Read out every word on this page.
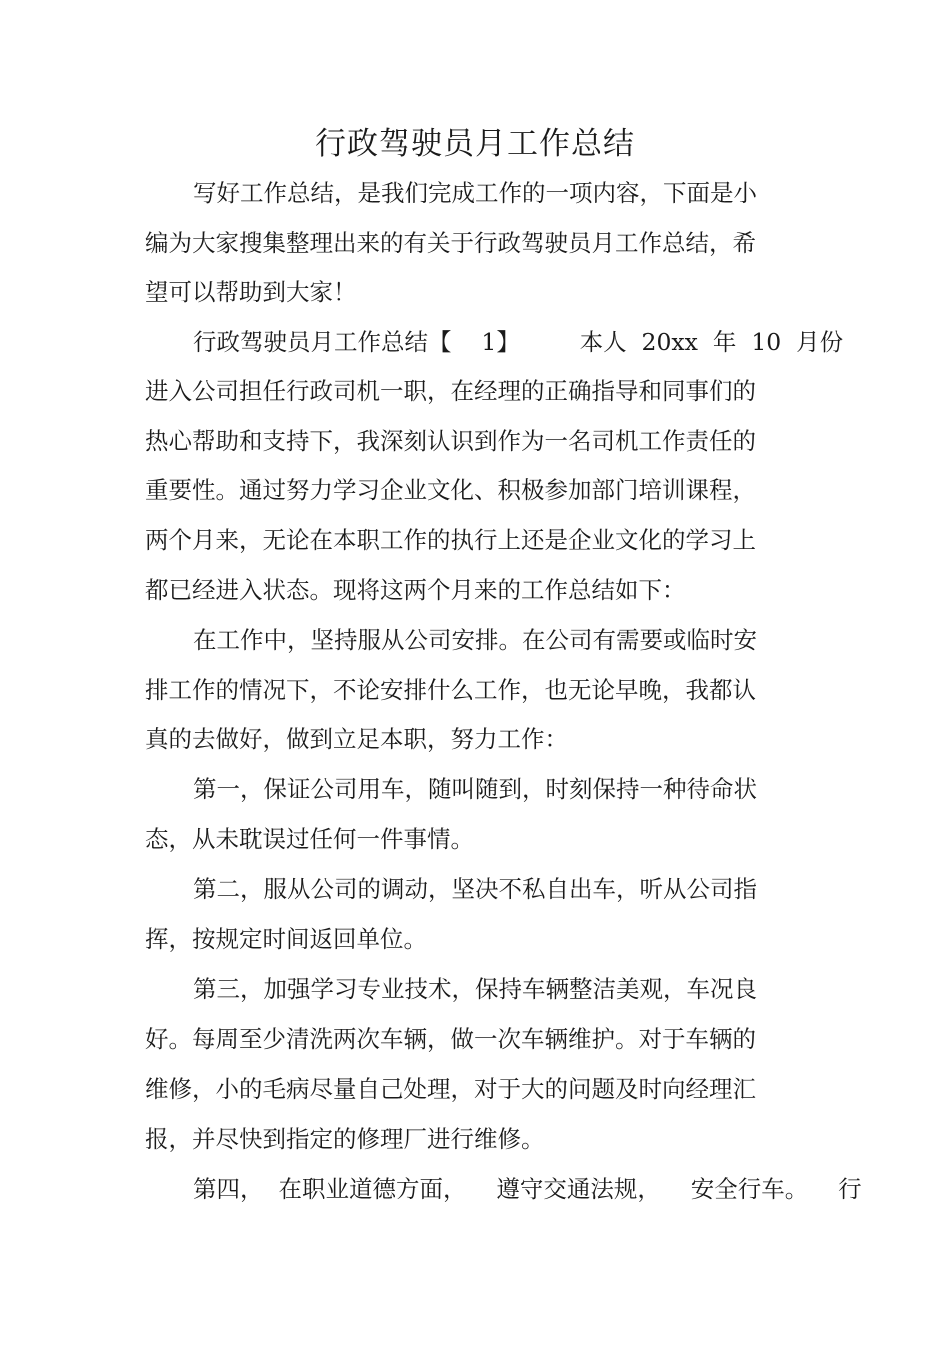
行政驾驶员月工作总结

写好工作总结，是我们完成工作的一项内容，下面是小

编为大家搜集整理出来的有关于行政驾驶员月工作总结，希

望可以帮助到大家！

行政驾驶员月工作总结【    1】        本人  20xx  年  10  月份

进入公司担任行政司机一职，在经理的正确指导和同事们的

热心帮助和支持下，我深刻认识到作为一名司机工作责任的

重要性。通过努力学习企业文化、积极参加部门培训课程，

两个月来，无论在本职工作的执行上还是企业文化的学习上

都已经进入状态。现将这两个月来的工作总结如下：

在工作中，坚持服从公司安排。在公司有需要或临时安

排工作的情况下，不论安排什么工作，也无论早晚，我都认

真的去做好，做到立足本职，努力工作：

第一，保证公司用车，随叫随到，时刻保持一种待命状

态，从未耽误过任何一件事情。

第二，服从公司的调动，坚决不私自出车，听从公司指

挥，按规定时间返回单位。

第三，加强学习专业技术，保持车辆整洁美观，车况良

好。每周至少清洗两次车辆，做一次车辆维护。对于车辆的

维修，小的毛病尽量自己处理，对于大的问题及时向经理汇

报，并尽快到指定的修理厂进行维修。

第四，  在职业道德方面，    遵守交通法规，    安全行车。    行
